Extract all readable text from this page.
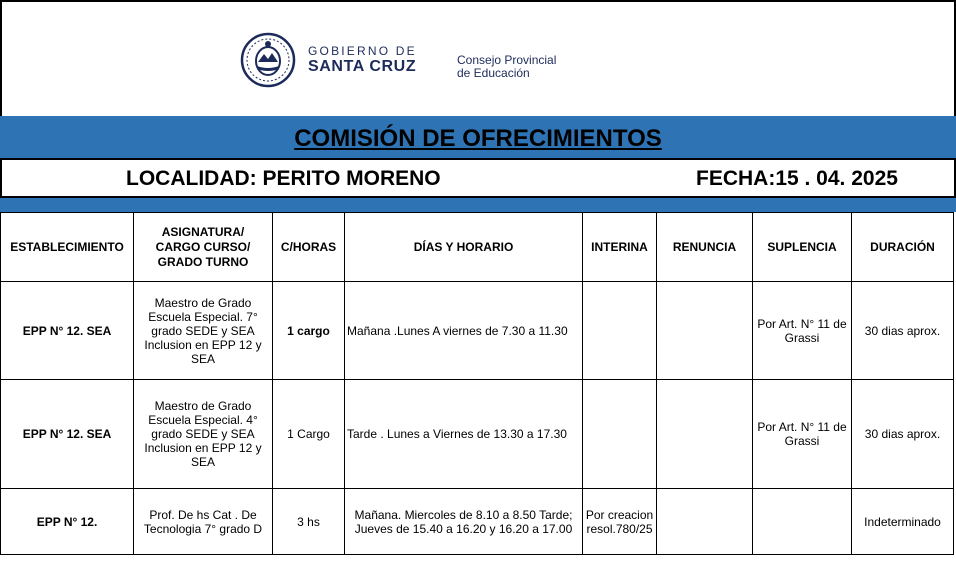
GOBIERNO DE
SANTA CRUZ	Consejo Provincial
de Educación
COMISIÓN DE OFRECIMIENTOS
LOCALIDAD: PERITO MORENO	FECHA:15 . 04. 2025
ESTABLECIMIENTO	ASIGNATURA/ CARGO CURSO/ GRADO TURNO	C/HORAS	DÍAS Y HORARIO	INTERINA	RENUNCIA	SUPLENCIA	DURACIÓN
EPP N° 12. SEA	Maestro de Grado Escuela Especial. 7° grado SEDE y SEA Inclusion en EPP 12 y SEA	1 cargo	Mañana .Lunes A viernes de 7.30 a 11.30			Por Art. N° 11 de Grassi	30 dias aprox.
EPP N° 12. SEA	Maestro de Grado Escuela Especial. 4° grado SEDE y SEA Inclusion en EPP 12 y SEA	1 Cargo	Tarde . Lunes a Viernes de 13.30 a 17.30			Por Art. N° 11 de Grassi	30 dias aprox.
EPP N° 12.	Prof. De hs Cat . De Tecnologia 7° grado D	3 hs	Mañana. Miercoles de 8.10 a 8.50 Tarde; Jueves de 15.40 a 16.20 y 16.20 a 17.00	Por creacion resol.780/25			Indeterminado
